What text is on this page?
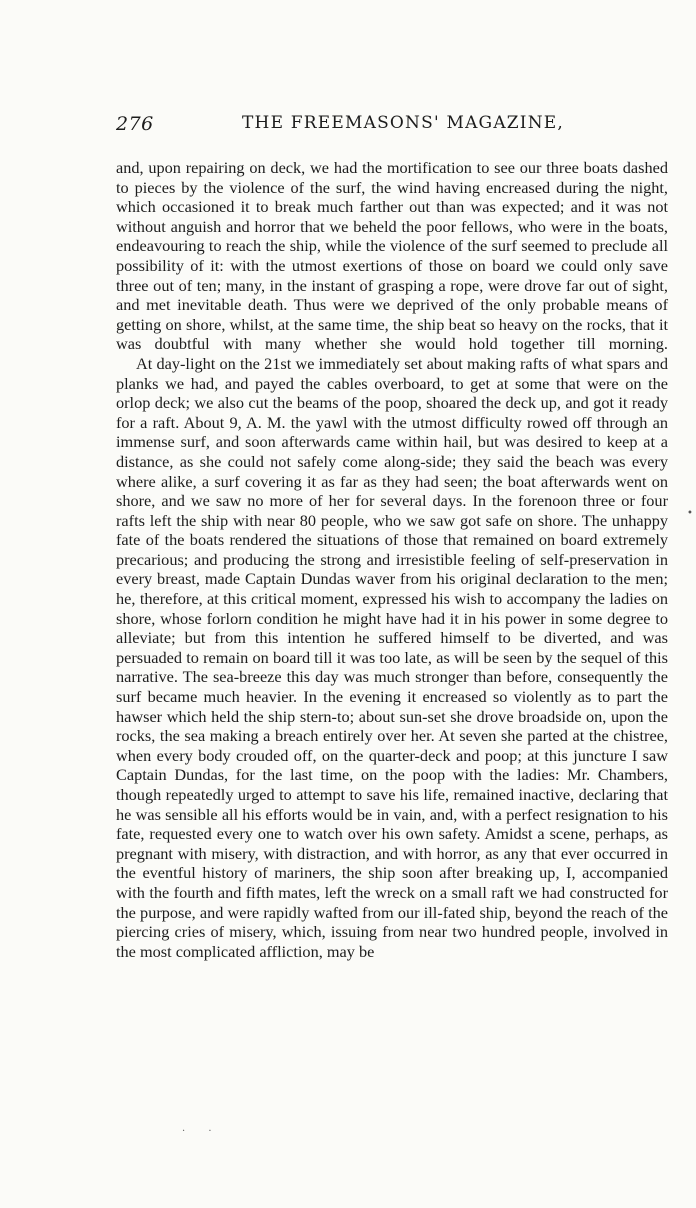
276	THE FREEMASONS' MAGAZINE,

and, upon repairing on deck, we had the mortification to see our three boats dashed to pieces by the violence of the surf, the wind having encreased during the night, which occasioned it to break much farther out than was expected; and it was not without anguish and horror that we beheld the poor fellows, who were in the boats, endeavouring to reach the ship, while the violence of the surf seemed to preclude all possibility of it: with the utmost exertions of those on board we could only save three out of ten; many, in the instant of grasping a rope, were drove far out of sight, and met inevitable death. Thus were we deprived of the only probable means of getting on shore, whilst, at the same time, the ship beat so heavy on the rocks, that it was doubtful with many whether she would hold together till morning.

At day-light on the 21st we immediately set about making rafts of what spars and planks we had, and payed the cables overboard, to get at some that were on the orlop deck; we also cut the beams of the poop, shoared the deck up, and got it ready for a raft. About 9, A. M. the yawl with the utmost difficulty rowed off through an immense surf, and soon afterwards came within hail, but was desired to keep at a distance, as she could not safely come along-side; they said the beach was every where alike, a surf covering it as far as they had seen; the boat afterwards went on shore, and we saw no more of her for several days. In the forenoon three or four rafts left the ship with near 80 people, who we saw got safe on shore. The unhappy fate of the boats rendered the situations of those that remained on board extremely precarious; and producing the strong and irresistible feeling of self-preservation in every breast, made Captain Dundas waver from his original declaration to the men; he, therefore, at this critical moment, expressed his wish to accompany the ladies on shore, whose forlorn condition he might have had it in his power in some degree to alleviate; but from this intention he suffered himself to be diverted, and was persuaded to remain on board till it was too late, as will be seen by the sequel of this narrative. The sea-breeze this day was much stronger than before, consequently the surf became much heavier. In the evening it encreased so violently as to part the hawser which held the ship stern-to; about sun-set she drove broadside on, upon the rocks, the sea making a breach entirely over her. At seven she parted at the chistree, when every body crouded off, on the quarter-deck and poop; at this juncture I saw Captain Dundas, for the last time, on the poop with the ladies: Mr. Chambers, though repeatedly urged to attempt to save his life, remained inactive, declaring that he was sensible all his efforts would be in vain, and, with a perfect resignation to his fate, requested every one to watch over his own safety. Amidst a scene, perhaps, as pregnant with misery, with distraction, and with horror, as any that ever occurred in the eventful history of mariners, the ship soon after breaking up, I, accompanied with the fourth and fifth mates, left the wreck on a small raft we had constructed for the purpose, and were rapidly wafted from our ill-fated ship, beyond the reach of the piercing cries of misery, which, issuing from near two hundred people, involved in the most complicated affliction, may be

•
· ·
